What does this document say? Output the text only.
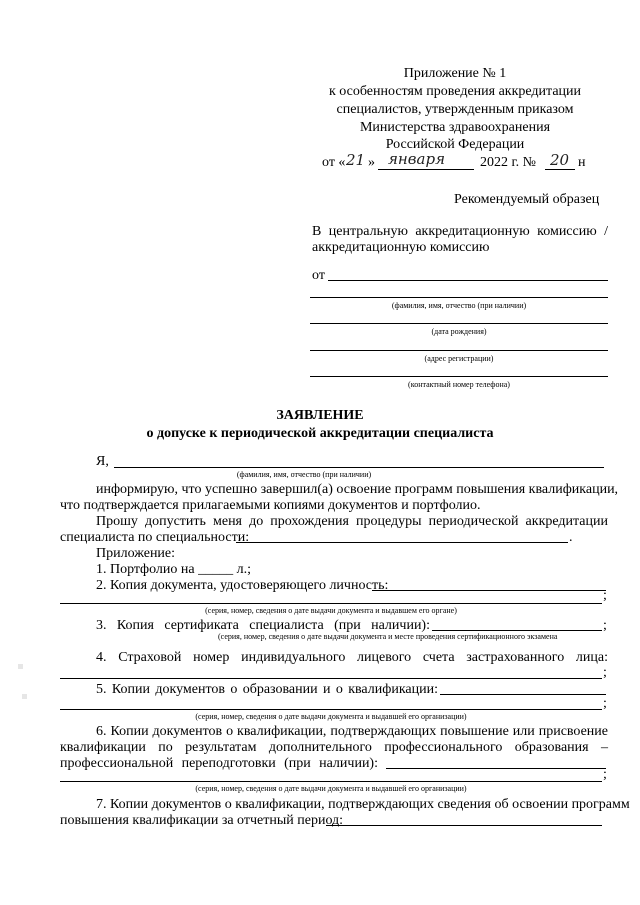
Приложение № 1
к особенностям проведения аккредитации
специалистов, утвержденным приказом
Министерства здравоохранения
Российской Федерации
от « 21 » января 2022 г. № 20 н
Рекомендуемый образец
В центральную аккредитационную комиссию /
аккредитационную комиссию
от
(фамилия, имя, отчество (при наличии)
(дата рождения)
(адрес регистрации)
(контактный номер телефона)
ЗАЯВЛЕНИЕ
о допуске к периодической аккредитации специалиста
Я,
(фамилия, имя, отчество (при наличии)
информирую, что успешно завершил(а) освоение программ повышения квалификации,
что подтверждается прилагаемыми копиями документов и портфолио.
Прошу допустить меня до прохождения процедуры периодической аккредитации
специалиста по специальности:	.
Приложение:
1. Портфолио на _____ л.;
2. Копия документа, удостоверяющего личность:
;
(серия, номер, сведения о дате выдачи документа и выдавшем его органе)
3. Копия сертификата специалиста (при наличии):	;
(серия, номер, сведения о дате выдачи документа и месте проведения сертификационного экзамена
4. Страховой номер индивидуального лицевого счета застрахованного лица:
;
5. Копии документов о образовании и о квалификации:
;
(серия, номер, сведения о дате выдачи документа и выдавшей его организации)
6. Копии документов о квалификации, подтверждающих повышение или присвоение
квалификации по результатам дополнительного профессионального образования –
профессиональной переподготовки (при наличии):
;
(серия, номер, сведения о дате выдачи документа и выдавшей его организации)
7. Копии документов о квалификации, подтверждающих сведения об освоении программ
повышения квалификации за отчетный период:
